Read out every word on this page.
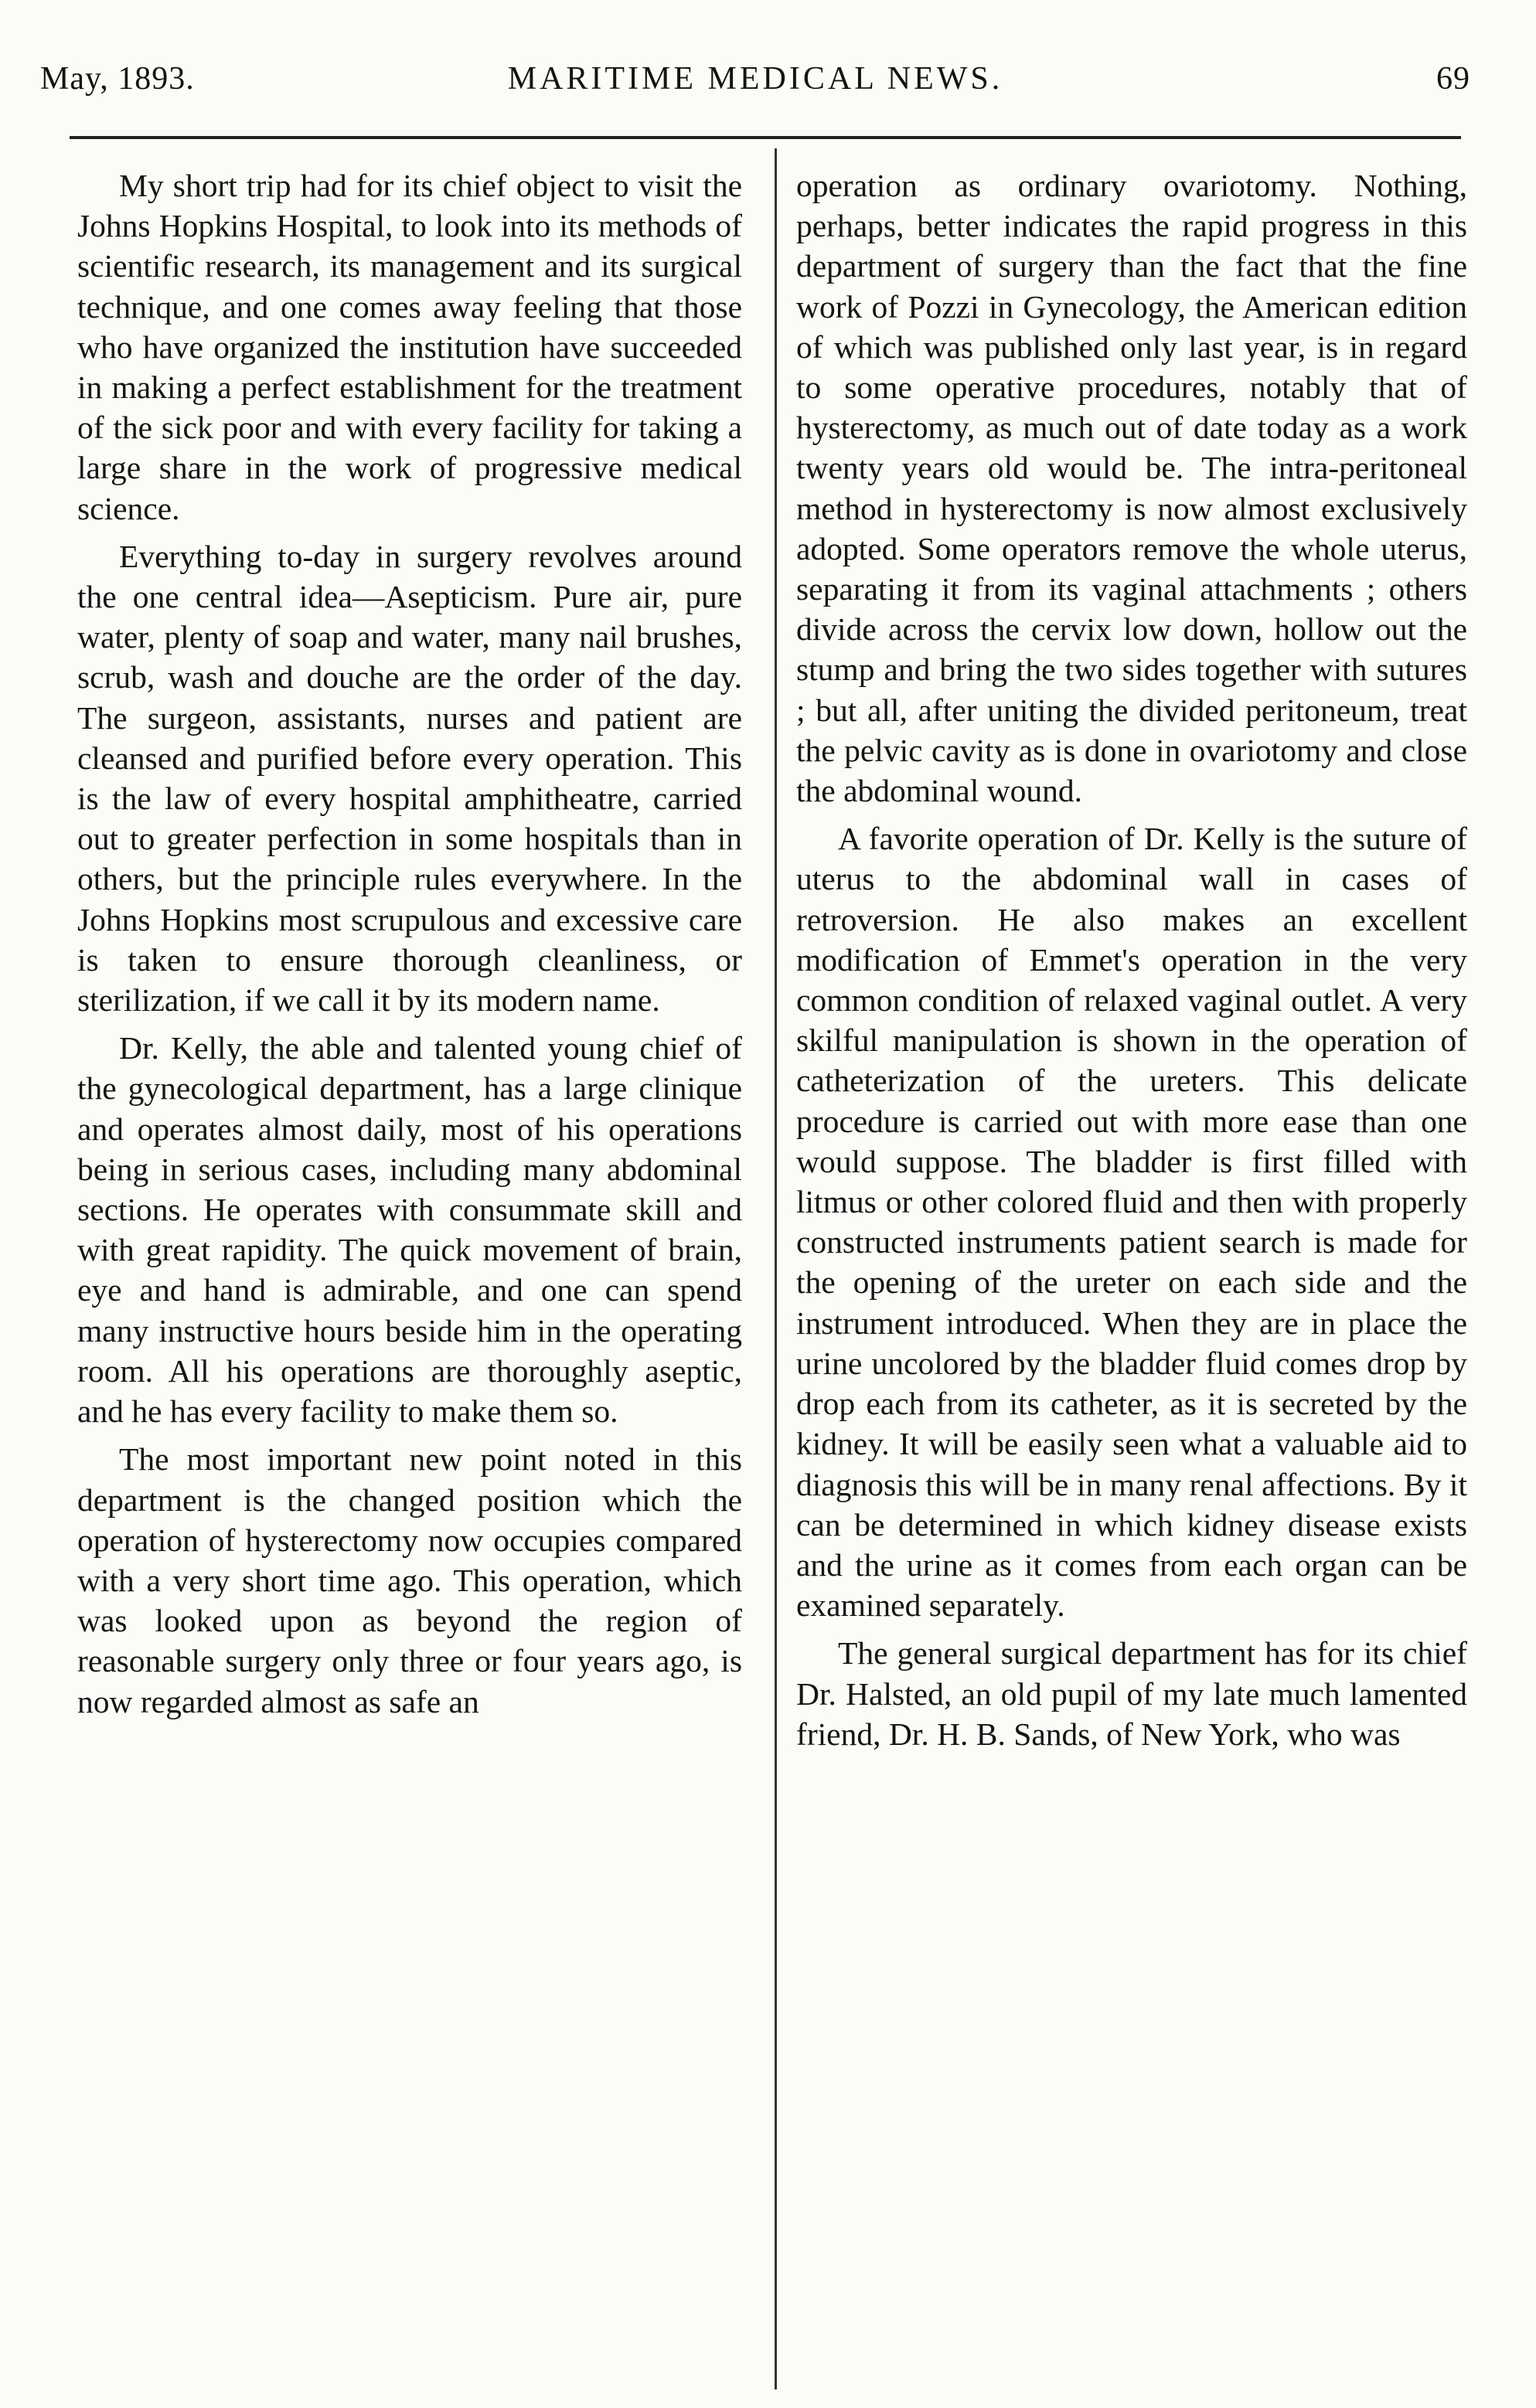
May, 1893.	MARITIME MEDICAL NEWS.	69

My short trip had for its chief object to visit the Johns Hopkins Hospital, to look into its methods of scientific research, its management and its surgical technique, and one comes away feeling that those who have organized the institution have succeeded in making a perfect establishment for the treatment of the sick poor and with every facility for taking a large share in the work of progressive medical science.

Everything to-day in surgery revolves around the one central idea—Asepticism. Pure air, pure water, plenty of soap and water, many nail brushes, scrub, wash and douche are the order of the day. The surgeon, assistants, nurses and patient are cleansed and purified before every operation. This is the law of every hospital amphitheatre, carried out to greater perfection in some hospitals than in others, but the principle rules everywhere. In the Johns Hopkins most scrupulous and excessive care is taken to ensure thorough cleanliness, or sterilization, if we call it by its modern name.

Dr. Kelly, the able and talented young chief of the gynecological department, has a large clinique and operates almost daily, most of his operations being in serious cases, including many abdominal sections. He operates with consummate skill and with great rapidity. The quick movement of brain, eye and hand is admirable, and one can spend many instructive hours beside him in the operating room. All his operations are thoroughly aseptic, and he has every facility to make them so.

The most important new point noted in this department is the changed position which the operation of hysterectomy now occupies compared with a very short time ago. This operation, which was looked upon as beyond the region of reasonable surgery only three or four years ago, is now regarded almost as safe an

operation as ordinary ovariotomy. Nothing, perhaps, better indicates the rapid progress in this department of surgery than the fact that the fine work of Pozzi in Gynecology, the American edition of which was published only last year, is in regard to some operative procedures, notably that of hysterectomy, as much out of date today as a work twenty years old would be. The intra-peritoneal method in hysterectomy is now almost exclusively adopted. Some operators remove the whole uterus, separating it from its vaginal attachments ; others divide across the cervix low down, hollow out the stump and bring the two sides together with sutures ; but all, after uniting the divided peritoneum, treat the pelvic cavity as is done in ovariotomy and close the abdominal wound.

A favorite operation of Dr. Kelly is the suture of uterus to the abdominal wall in cases of retroversion. He also makes an excellent modification of Emmet's operation in the very common condition of relaxed vaginal outlet. A very skilful manipulation is shown in the operation of catheterization of the ureters. This delicate procedure is carried out with more ease than one would suppose. The bladder is first filled with litmus or other colored fluid and then with properly constructed instruments patient search is made for the opening of the ureter on each side and the instrument introduced. When they are in place the urine uncolored by the bladder fluid comes drop by drop each from its catheter, as it is secreted by the kidney. It will be easily seen what a valuable aid to diagnosis this will be in many renal affections. By it can be determined in which kidney disease exists and the urine as it comes from each organ can be examined separately.

The general surgical department has for its chief Dr. Halsted, an old pupil of my late much lamented friend, Dr. H. B. Sands, of New York, who was
